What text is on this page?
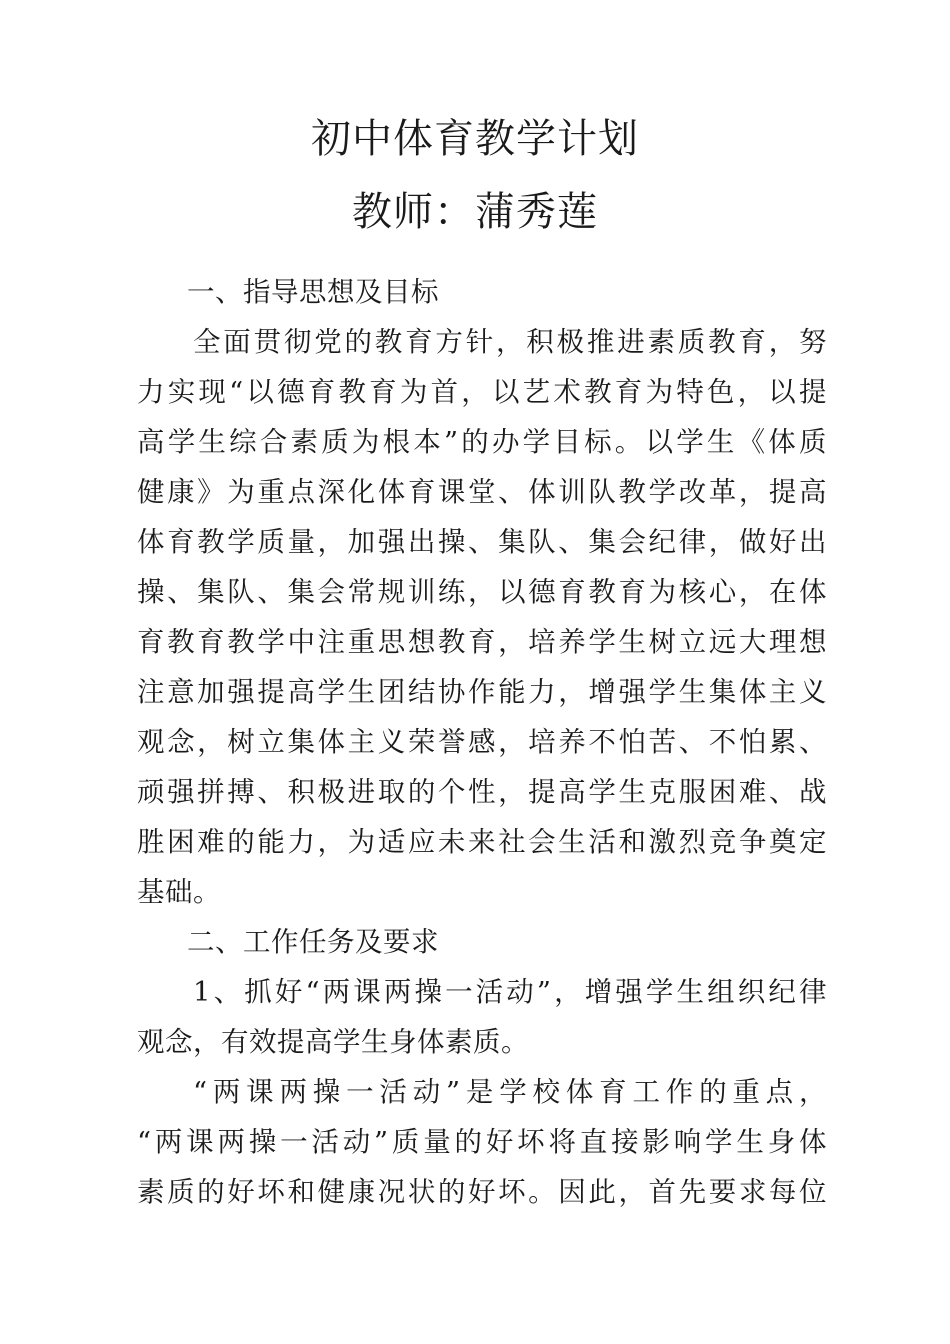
初中体育教学计划
教师：蒲秀莲
一、指导思想及目标
全面贯彻党的教育方针，积极推进素质教育，努
力实现“以德育教育为首，以艺术教育为特色，以提
高学生综合素质为根本”的办学目标。以学生《体质
健康》为重点深化体育课堂、体训队教学改革，提高
体育教学质量，加强出操、集队、集会纪律，做好出
操、集队、集会常规训练，以德育教育为核心，在体
育教育教学中注重思想教育，培养学生树立远大理想
注意加强提高学生团结协作能力，增强学生集体主义
观念，树立集体主义荣誉感，培养不怕苦、不怕累、
顽强拼搏、积极进取的个性，提高学生克服困难、战
胜困难的能力，为适应未来社会生活和激烈竞争奠定
基础。
二、工作任务及要求
1、抓好“两课两操一活动”，增强学生组织纪律
观念，有效提高学生身体素质。
“两课两操一活动”是学校体育工作的重点，
“两课两操一活动”质量的好坏将直接影响学生身体
素质的好坏和健康况状的好坏。因此，首先要求每位
